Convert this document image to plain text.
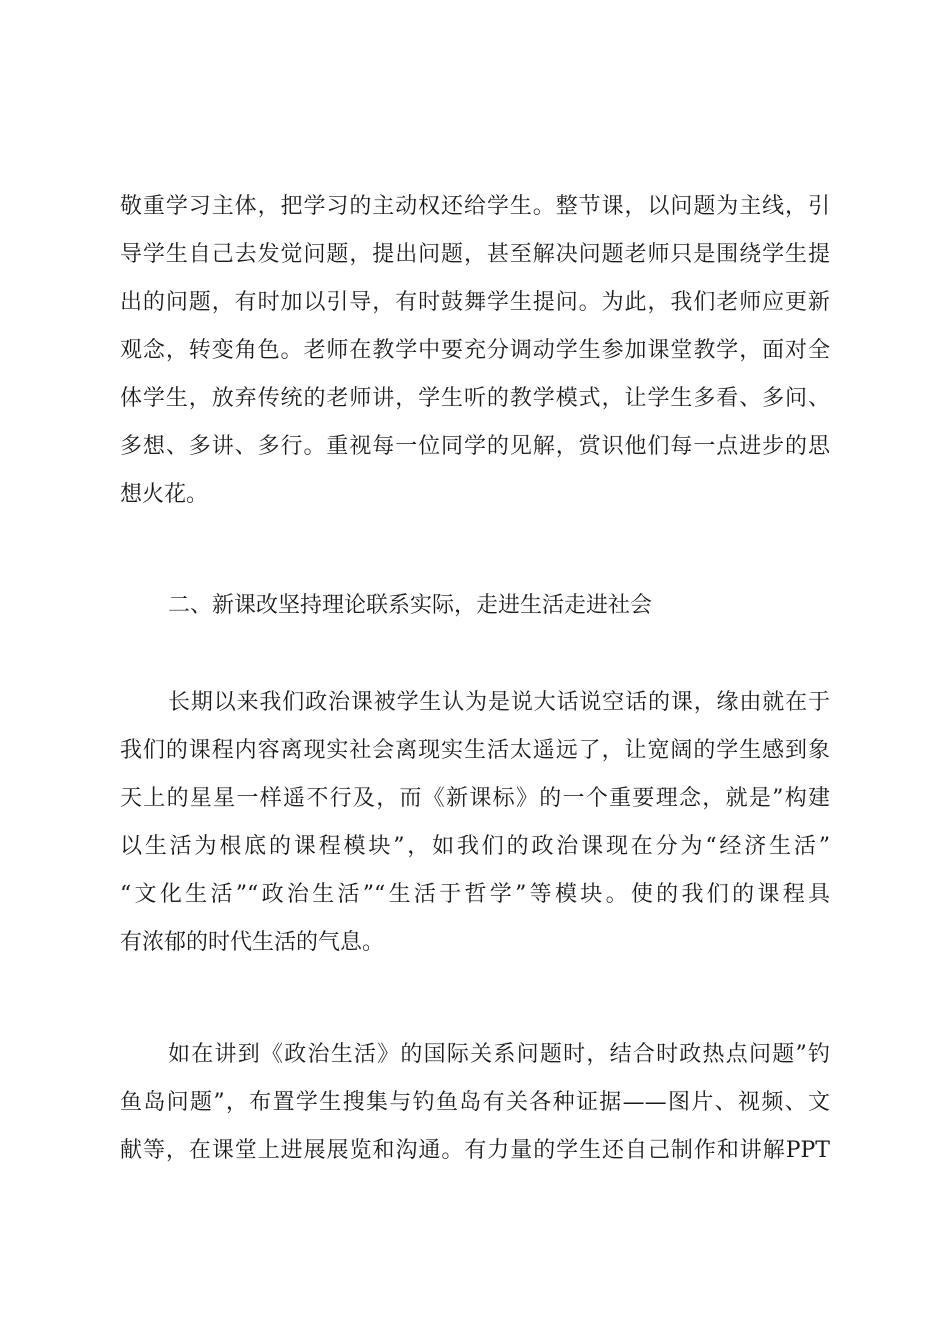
敬重学习主体，把学习的主动权还给学生。整节课，以问题为主线，引
导学生自己去发觉问题，提出问题，甚至解决问题老师只是围绕学生提
出的问题，有时加以引导，有时鼓舞学生提问。为此，我们老师应更新
观念，转变角色。老师在教学中要充分调动学生参加课堂教学，面对全
体学生，放弃传统的老师讲，学生听的教学模式，让学生多看、多问、
多想、多讲、多行。重视每一位同学的见解，赏识他们每一点进步的思
想火花。
二、新课改坚持理论联系实际，走进生活走进社会
长期以来我们政治课被学生认为是说大话说空话的课，缘由就在于
我们的课程内容离现实社会离现实生活太遥远了，让宽阔的学生感到象
天上的星星一样遥不行及，而《新课标》的一个重要理念，就是”构建
以生活为根底的课程模块”，如我们的政治课现在分为“经济生活”
“文化生活”“政治生活”“生活于哲学”等模块。使的我们的课程具
有浓郁的时代生活的气息。
如在讲到《政治生活》的国际关系问题时，结合时政热点问题”钓
鱼岛问题”，布置学生搜集与钓鱼岛有关各种证据——图片、视频、文
献等，在课堂上进展展览和沟通。有力量的学生还自己制作和讲解PPT
